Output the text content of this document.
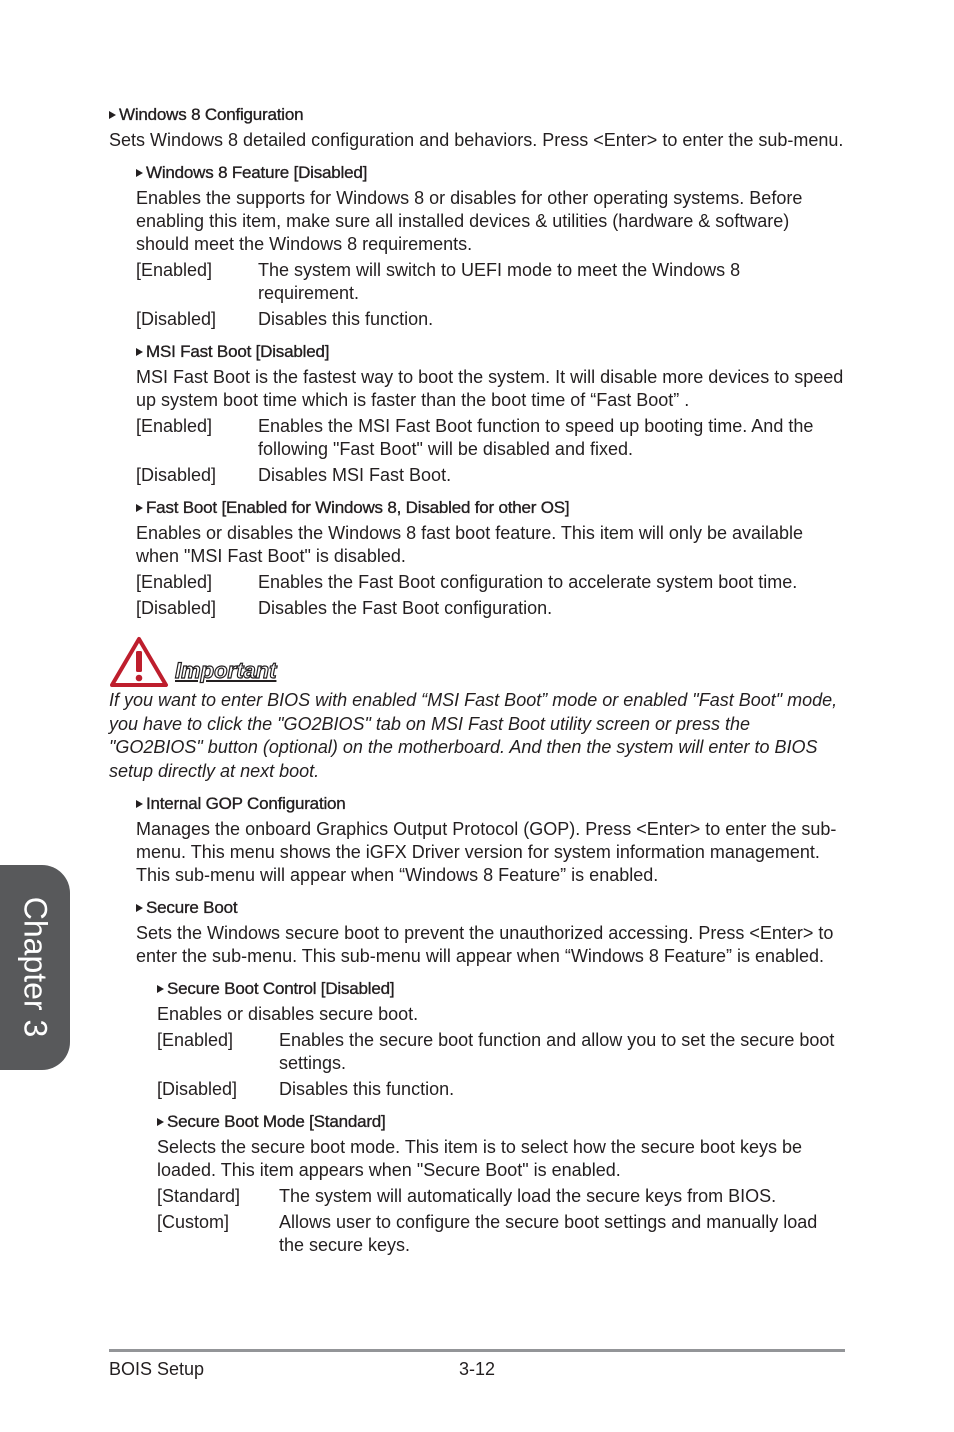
Windows 8 Configuration
Sets Windows 8 detailed configuration and behaviors. Press <Enter> to enter the sub-menu.
Windows 8 Feature [Disabled]
Enables the supports for Windows 8 or disables for other operating systems. Before enabling this item, make sure all installed devices & utilities (hardware & software) should meet the Windows 8 requirements.
[Enabled]	The system will switch to UEFI mode to meet the Windows 8 requirement.
[Disabled]	Disables this function.
MSI Fast Boot [Disabled]
MSI Fast Boot is the fastest way to boot the system. It will disable more devices to speed up system boot time which is faster than the boot time of “Fast Boot” .
[Enabled]	Enables the MSI Fast Boot function to speed up booting time. And the following "Fast Boot" will be disabled and fixed.
[Disabled]	Disables MSI Fast Boot.
Fast Boot [Enabled for Windows 8, Disabled for other OS]
Enables or disables the Windows 8 fast boot feature. This item will only be available when "MSI Fast Boot" is disabled.
[Enabled]	Enables the Fast Boot configuration to accelerate system boot time.
[Disabled]	Disables the Fast Boot configuration.
Important
If you want to enter BIOS with enabled “MSI Fast Boot” mode or enabled "Fast Boot" mode, you have to click the "GO2BIOS" tab on MSI Fast Boot utility screen or press the "GO2BIOS" button (optional) on the motherboard. And then the system will enter to BIOS setup directly at next boot.
Internal GOP Configuration
Manages the onboard Graphics Output Protocol (GOP). Press <Enter> to enter the sub-menu. This menu shows the iGFX Driver version for system information management. This sub-menu will appear when “Windows 8 Feature” is enabled.
Secure Boot
Sets the Windows secure boot to prevent the unauthorized accessing. Press <Enter> to enter the sub-menu. This sub-menu will appear when “Windows 8 Feature” is enabled.
Secure Boot Control [Disabled]
Enables or disables secure boot.
[Enabled]	Enables the secure boot function and allow you to set the secure boot settings.
[Disabled]	Disables this function.
Secure Boot Mode [Standard]
Selects the secure boot mode. This item is to select how the secure boot keys be loaded. This item appears when "Secure Boot" is enabled.
[Standard]	The system will automatically load the secure keys from BIOS.
[Custom]	Allows user to configure the secure boot settings and manually load the secure keys.
Chapter 3
BOIS Setup	3-12
